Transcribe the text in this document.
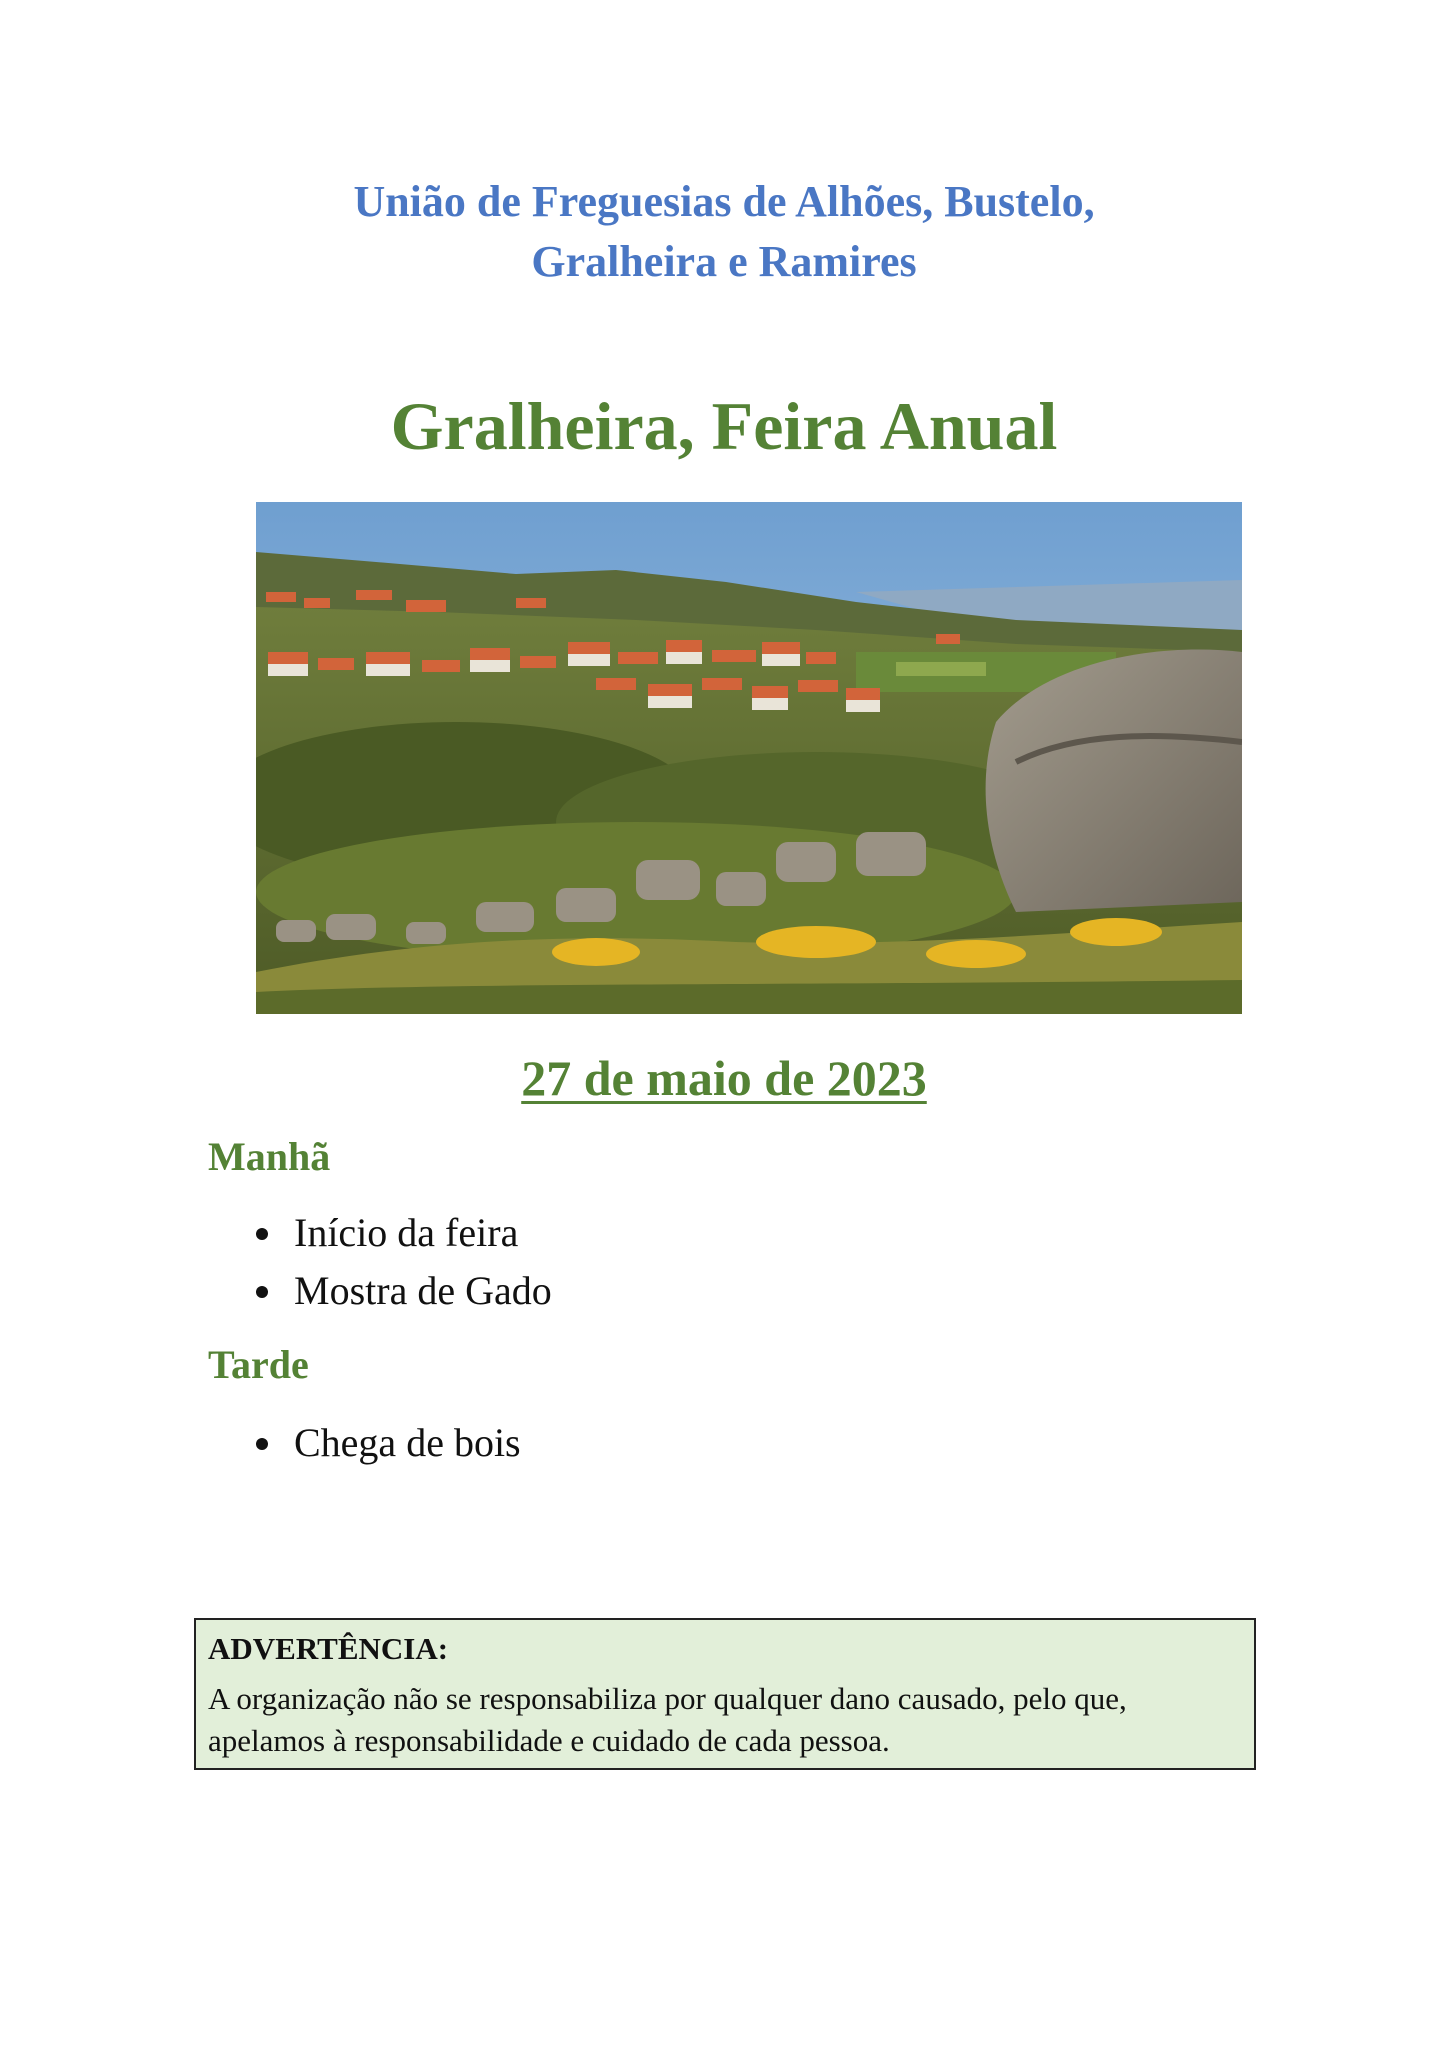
União de Freguesias de Alhões, Bustelo,
Gralheira e Ramires
Gralheira, Feira Anual
27 de maio de 2023
Manhã
Início da feira
Mostra de Gado
Tarde
Chega de bois
ADVERTÊNCIA:
A organização não se responsabiliza por qualquer dano causado, pelo que,
apelamos à responsabilidade e cuidado de cada pessoa.
